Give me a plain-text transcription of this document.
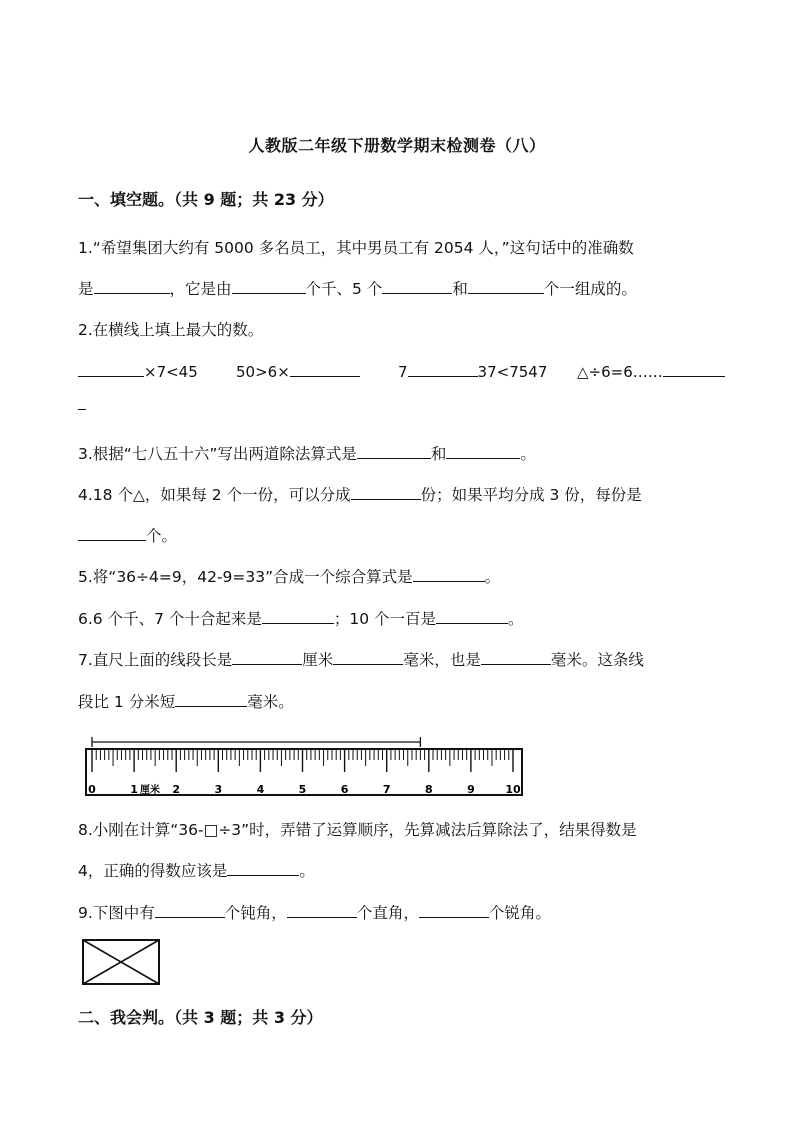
人教版二年级下册数学期末检测卷（八）
一、填空题。（共 9 题；共 23 分）
1.“希望集团大约有 5000 多名员工，其中男员工有 2054 人，”这句话中的准确数
是	，它是由	个千、5 个	和	个一组成的。
2.在横线上填上最大的数。
×7<45	50>6×	7	37<7547 △÷6=6……
3.根据“七八五十六”写出两道除法算式是	和	。
4.18 个△，如果每 2 个一份，可以分成	份；如果平均分成 3 份，每份是
个。
5.将“36÷4=9，42-9=33”合成一个综合算式是	。
6.6 个千、7 个十合起来是	；10 个一百是	。
7.直尺上面的线段长是	厘米	毫米，也是	毫米。这条线
段比 1 分米短	毫米。
0	1	2	3	4	5	6	7	8	9	10
厘米
8.小刚在计算“36-□÷3”时，弄错了运算顺序，先算减法后算除法了，结果得数是
4，正确的得数应该是	。
9.下图中有	个钝角，	个直角，	个锐角。
二、我会判。（共 3 题；共 3 分）
